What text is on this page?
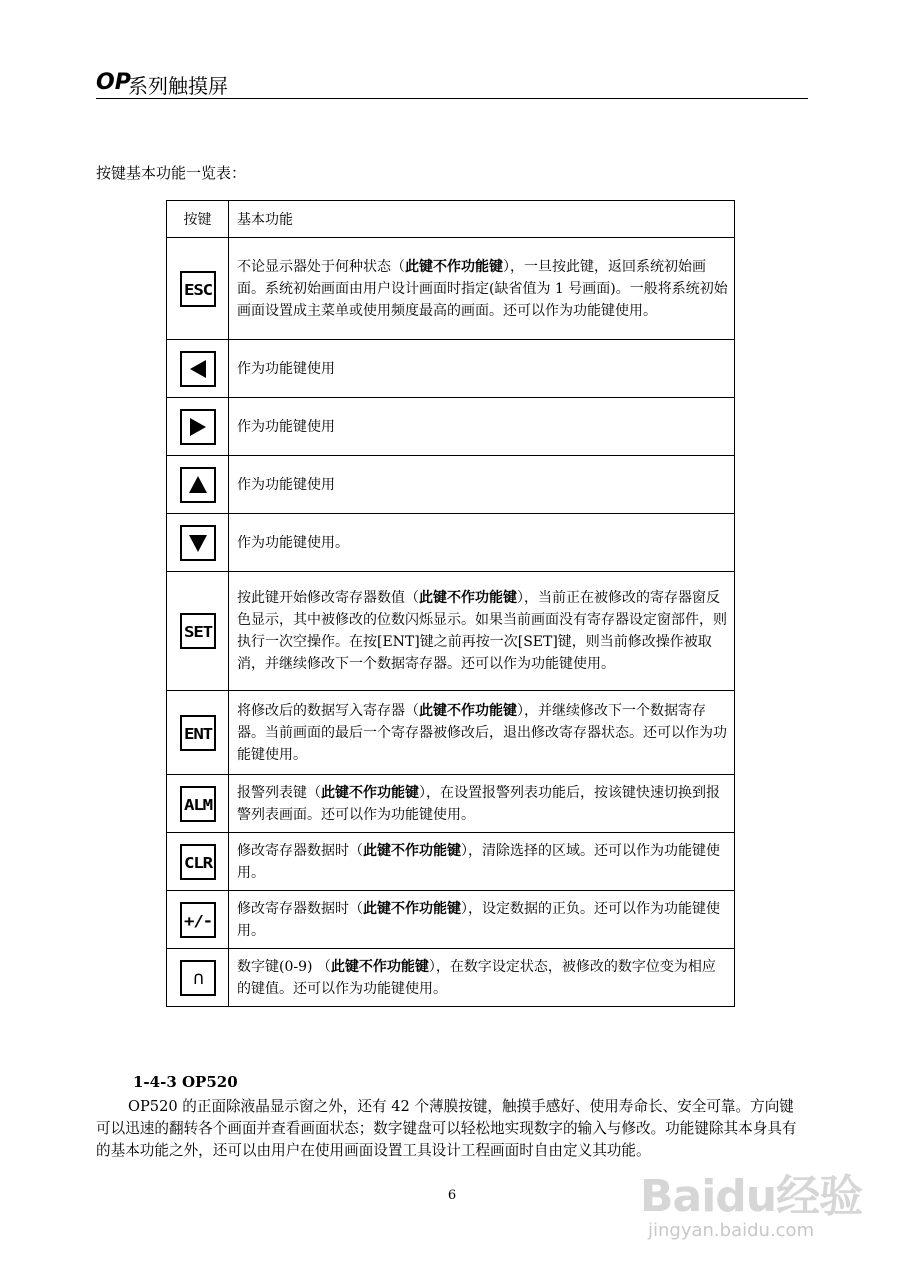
OP
系列触摸屏
按键基本功能一览表：
按键	基本功能

ESC	不论显示器处于何种状态（此键不作功能键），一旦按此键，返回系统初始画面。系统初始画面由用户设计画面时指定(缺省值为 1 号画面)。一般将系统初始画面设置成主菜单或使用频度最高的画面。还可以作为功能键使用。

	作为功能键使用

	作为功能键使用

	作为功能键使用

	作为功能键使用。

SET	按此键开始修改寄存器数值（此键不作功能键），当前正在被修改的寄存器窗反色显示，其中被修改的位数闪烁显示。如果当前画面没有寄存器设定窗部件，则执行一次空操作。在按[ENT]键之前再按一次[SET]键，则当前修改操作被取消，并继续修改下一个数据寄存器。还可以作为功能键使用。

ENT	将修改后的数据写入寄存器（此键不作功能键），并继续修改下一个数据寄存器。当前画面的最后一个寄存器被修改后，退出修改寄存器状态。还可以作为功能键使用。

ALM	报警列表键（此键不作功能键），在设置报警列表功能后，按该键快速切换到报警列表画面。还可以作为功能键使用。

CLR	修改寄存器数据时（此键不作功能键），清除选择的区域。还可以作为功能键使用。

+/-	修改寄存器数据时（此键不作功能键），设定数据的正负。还可以作为功能键使用。

∩	数字键(0-9) （此键不作功能键），在数字设定状态，被修改的数字位变为相应的键值。还可以作为功能键使用。
1-4-3 OP520

OP520 的正面除液晶显示窗之外，还有 42 个薄膜按键，触摸手感好、使用寿命长、安全可靠。方向键可以迅速的翻转各个画面并查看画面状态；数字键盘可以轻松地实现数字的输入与修改。功能键除其本身具有的基本功能之外，还可以由用户在使用画面设置工具设计工程画面时自由定义其功能。

6	Baidu经验
jingyan.baidu.com
